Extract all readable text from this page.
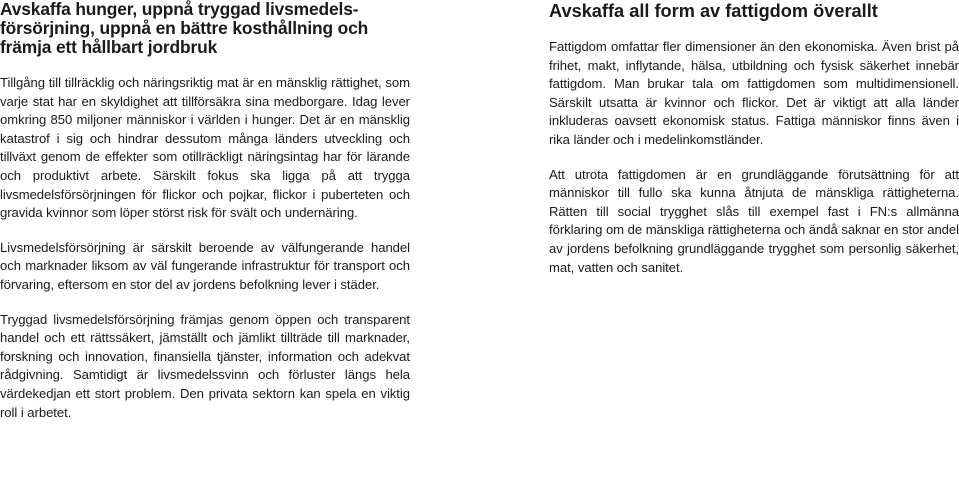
Avskaffa hunger, uppnå tryggad livsmedelsförsörjning, uppnå en bättre kosthållning och främja ett hållbart jordbruk

Tillgång till tillräcklig och näringsriktig mat är en mänsklig rättighet, som varje stat har en skyldighet att tillförsäkra sina medborgare. Idag lever omkring 850 miljoner människor i världen i hunger. Det är en mänsklig katastrof i sig och hindrar dessutom många länders utveckling och tillväxt genom de effekter som otillräckligt näringsintag har för lärande och produktivt arbete. Särskilt fokus ska ligga på att trygga livsmedelsförsörjningen för flickor och pojkar, flickor i puberteten och gravida kvinnor som löper störst risk för svält och undernäring.

Livsmedelsförsörjning är särskilt beroende av välfungerande handel och marknader liksom av väl fungerande infrastruktur för transport och förvaring, eftersom en stor del av jordens befolkning lever i städer.

Tryggad livsmedelsförsörjning främjas genom öppen och transparent handel och ett rättssäkert, jämställt och jämlikt tillträde till marknader, forskning och innovation, finansiella tjänster, information och adekvat rådgivning. Samtidigt är livsmedelssvinn och förluster längs hela värdekedjan ett stort problem. Den privata sektorn kan spela en viktig roll i arbetet.

Avskaffa all form av fattigdom överallt

Fattigdom omfattar fler dimensioner än den ekonomiska. Även brist på frihet, makt, inflytande, hälsa, utbildning och fysisk säkerhet innebär fattigdom. Man brukar tala om fattigdomen som multidimensionell. Särskilt utsatta är kvinnor och flickor. Det är viktigt att alla länder inkluderas oavsett ekonomisk status. Fattiga människor finns även i rika länder och i medelinkomstländer.

Att utrota fattigdomen är en grundläggande förutsättning för att människor till fullo ska kunna åtnjuta de mänskliga rättigheterna. Rätten till social trygghet slås till exempel fast i FN:s allmänna förklaring om de mänskliga rättigheterna och ändå saknar en stor andel av jordens befolkning grundläggande trygghet som personlig säkerhet, mat, vatten och sanitet.
